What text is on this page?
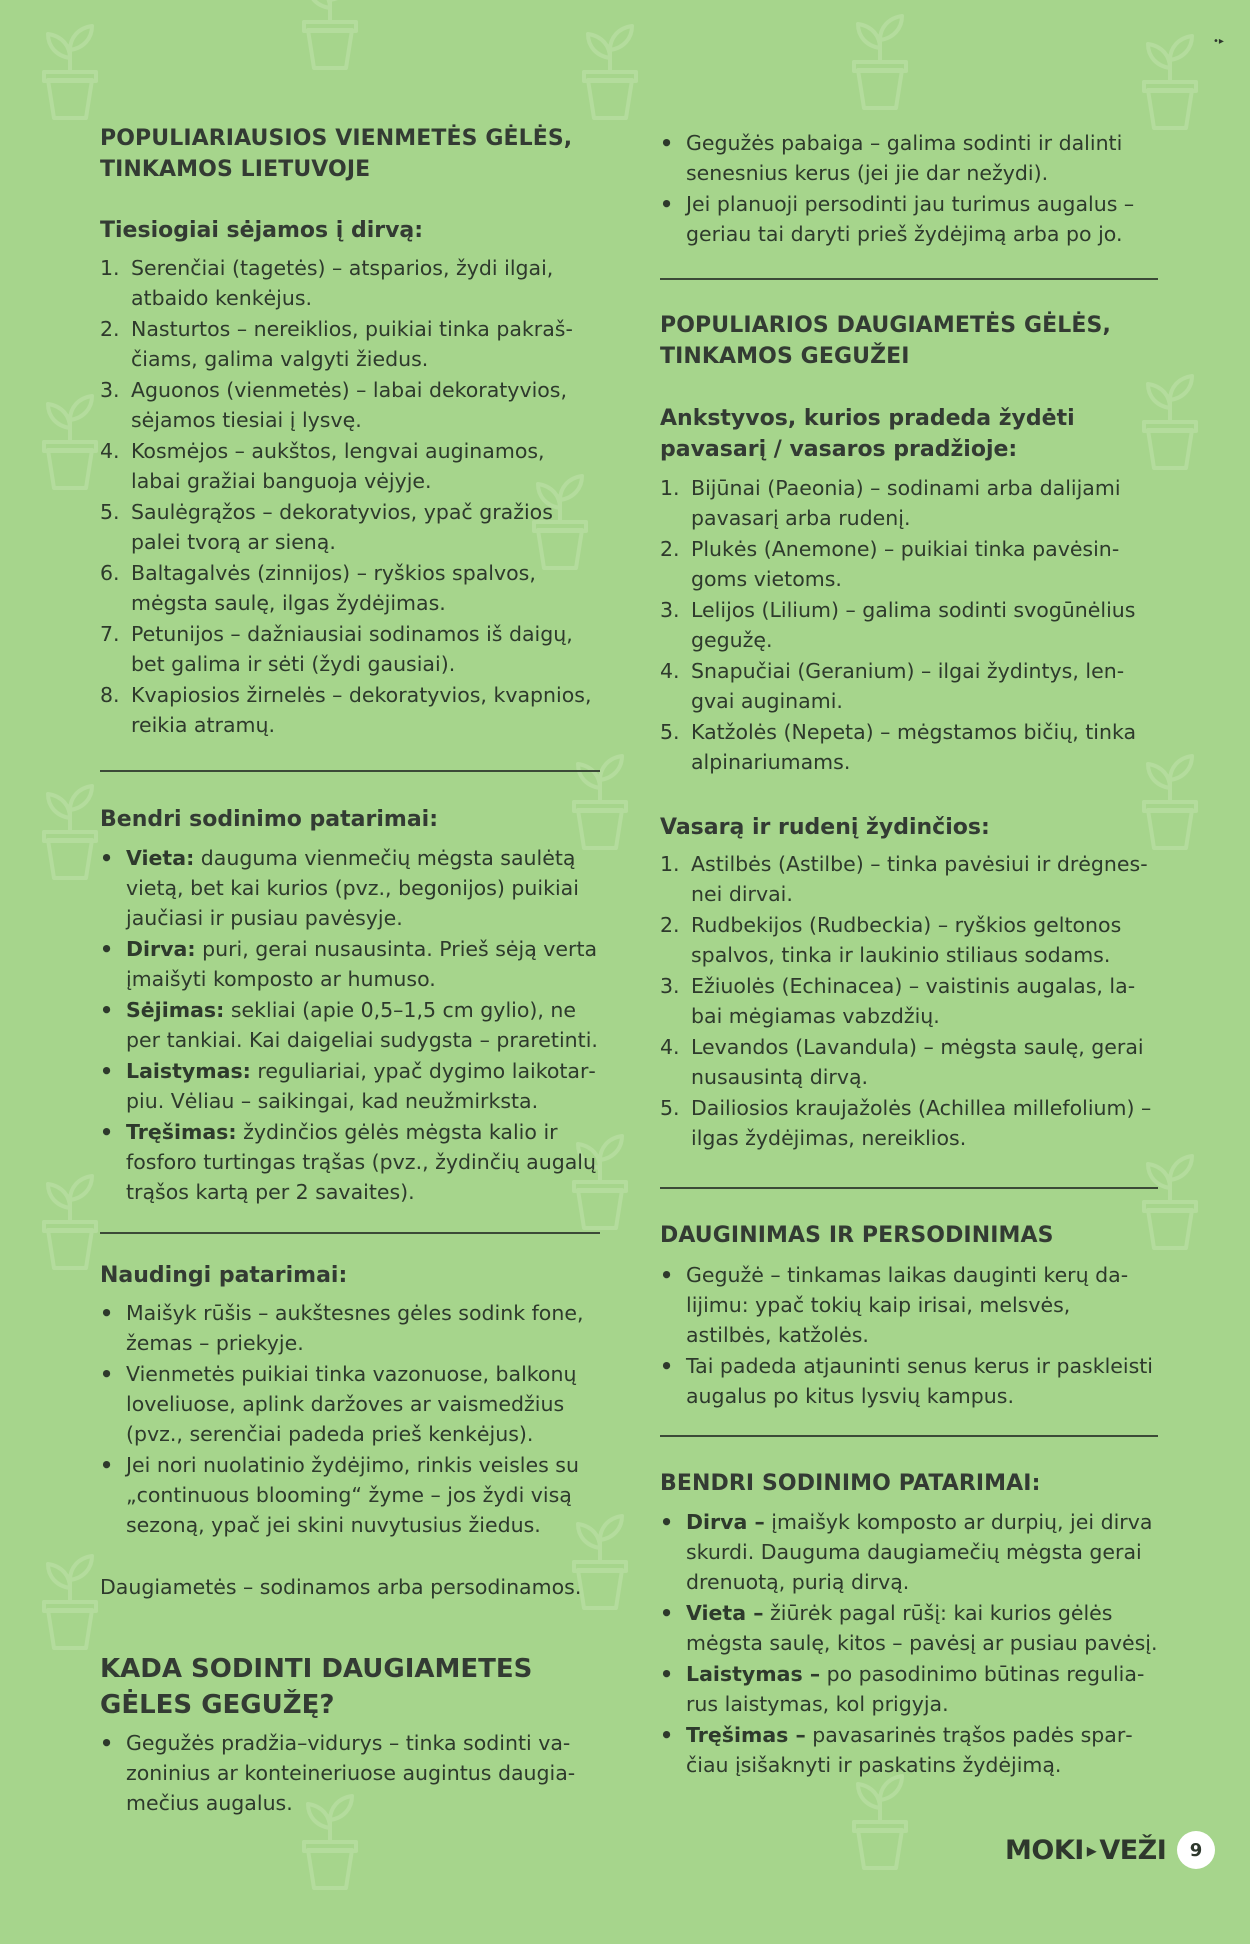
•▸
POPULIARIAUSIOS VIENMETĖS GĖLĖS, TINKAMOS LIETUVOJE
Tiesiogiai sėjamos į dirvą:
1. Serenčiai (tagetės) – atsparios, žydi ilgai, atbaido kenkėjus.
2. Nasturtos – nereiklios, puikiai tinka pakraščiams, galima valgyti žiedus.
3. Aguonos (vienmetės) – labai dekoratyvios, sėjamos tiesiai į lysvę.
4. Kosmėjos – aukštos, lengvai auginamos, labai gražiai banguoja vėjyje.
5. Saulėgrąžos – dekoratyvios, ypač gražios palei tvorą ar sieną.
6. Baltagalvės (zinnijos) – ryškios spalvos, mėgsta saulę, ilgas žydėjimas.
7. Petunijos – dažniausiai sodinamos iš daigų, bet galima ir sėti (žydi gausiai).
8. Kvapiosios žirnelės – dekoratyvios, kvapnios, reikia atramų.
Bendri sodinimo patarimai:
• Vieta: dauguma vienmečių mėgsta saulėtą vietą, bet kai kurios (pvz., begonijos) puikiai jaučiasi ir pusiau pavėsyje.
• Dirva: puri, gerai nusausinta. Prieš sėją verta įmaišyti komposto ar humuso.
• Sėjimas: sekliai (apie 0,5–1,5 cm gylio), ne per tankiai. Kai daigeliai sudygsta – praretinti.
• Laistymas: reguliariai, ypač dygimo laikotarpiu. Vėliau – saikingai, kad neužmirksta.
• Tręšimas: žydinčios gėlės mėgsta kalio ir fosforo turtingas trąšas (pvz., žydinčių augalų trąšos kartą per 2 savaites).
Naudingi patarimai:
• Maišyk rūšis – aukštesnes gėles sodink fone, žemas – priekyje.
• Vienmetės puikiai tinka vazonuose, balkonų loveliuose, aplink daržoves ar vaismedžius (pvz., serenčiai padeda prieš kenkėjus).
• Jei nori nuolatinio žydėjimo, rinkis veisles su „continuous blooming“ žyme – jos žydi visą sezoną, ypač jei skini nuvytusius žiedus.
Daugiametės – sodinamos arba persodinamos.
KADA SODINTI DAUGIAMETES GĖLES GEGUŽĘ?
• Gegužės pradžia–vidurys – tinka sodinti vazoninius ar konteineriuose augintus daugiamečius augalus.
• Gegužės pabaiga – galima sodinti ir dalinti senesnius kerus (jei jie dar nežydi).
• Jei planuoji persodinti jau turimus augalus – geriau tai daryti prieš žydėjimą arba po jo.
POPULIARIOS DAUGIAMETĖS GĖLĖS, TINKAMOS GEGUŽEI
Ankstyvos, kurios pradeda žydėti pavasarį / vasaros pradžioje:
1. Bijūnai (Paeonia) – sodinami arba dalijami pavasarį arba rudenį.
2. Plukės (Anemone) – puikiai tinka pavėsingoms vietoms.
3. Lelijos (Lilium) – galima sodinti svogūnėlius gegužę.
4. Snapučiai (Geranium) – ilgai žydintys, lengvai auginami.
5. Katžolės (Nepeta) – mėgstamos bičių, tinka alpinariumams.
Vasarą ir rudenį žydinčios:
1. Astilbės (Astilbe) – tinka pavėsiui ir drėgnesnei dirvai.
2. Rudbekijos (Rudbeckia) – ryškios geltonos spalvos, tinka ir laukinio stiliaus sodams.
3. Ežiuolės (Echinacea) – vaistinis augalas, labai mėgiamas vabzdžių.
4. Levandos (Lavandula) – mėgsta saulę, gerai nusausintą dirvą.
5. Dailiosios kraujažolės (Achillea millefolium) – ilgas žydėjimas, nereiklios.
DAUGINIMAS IR PERSODINIMAS
• Gegužė – tinkamas laikas dauginti kerų dalijimu: ypač tokių kaip irisai, melsvės, astilbės, katžolės.
• Tai padeda atjauninti senus kerus ir paskleisti augalus po kitus lysvių kampus.
BENDRI SODINIMO PATARIMAI:
• Dirva – įmaišyk komposto ar durpių, jei dirva skurdi. Dauguma daugiamečių mėgsta gerai drenuotą, purią dirvą.
• Vieta – žiūrėk pagal rūšį: kai kurios gėlės mėgsta saulę, kitos – pavėsį ar pusiau pavėsį.
• Laistymas – po pasodinimo būtinas reguliarus laistymas, kol prigyja.
• Tręšimas – pavasarinės trąšos padės sparčiau įsišaknyti ir paskatins žydėjimą.
MOKI ▸ VEŽI	9
